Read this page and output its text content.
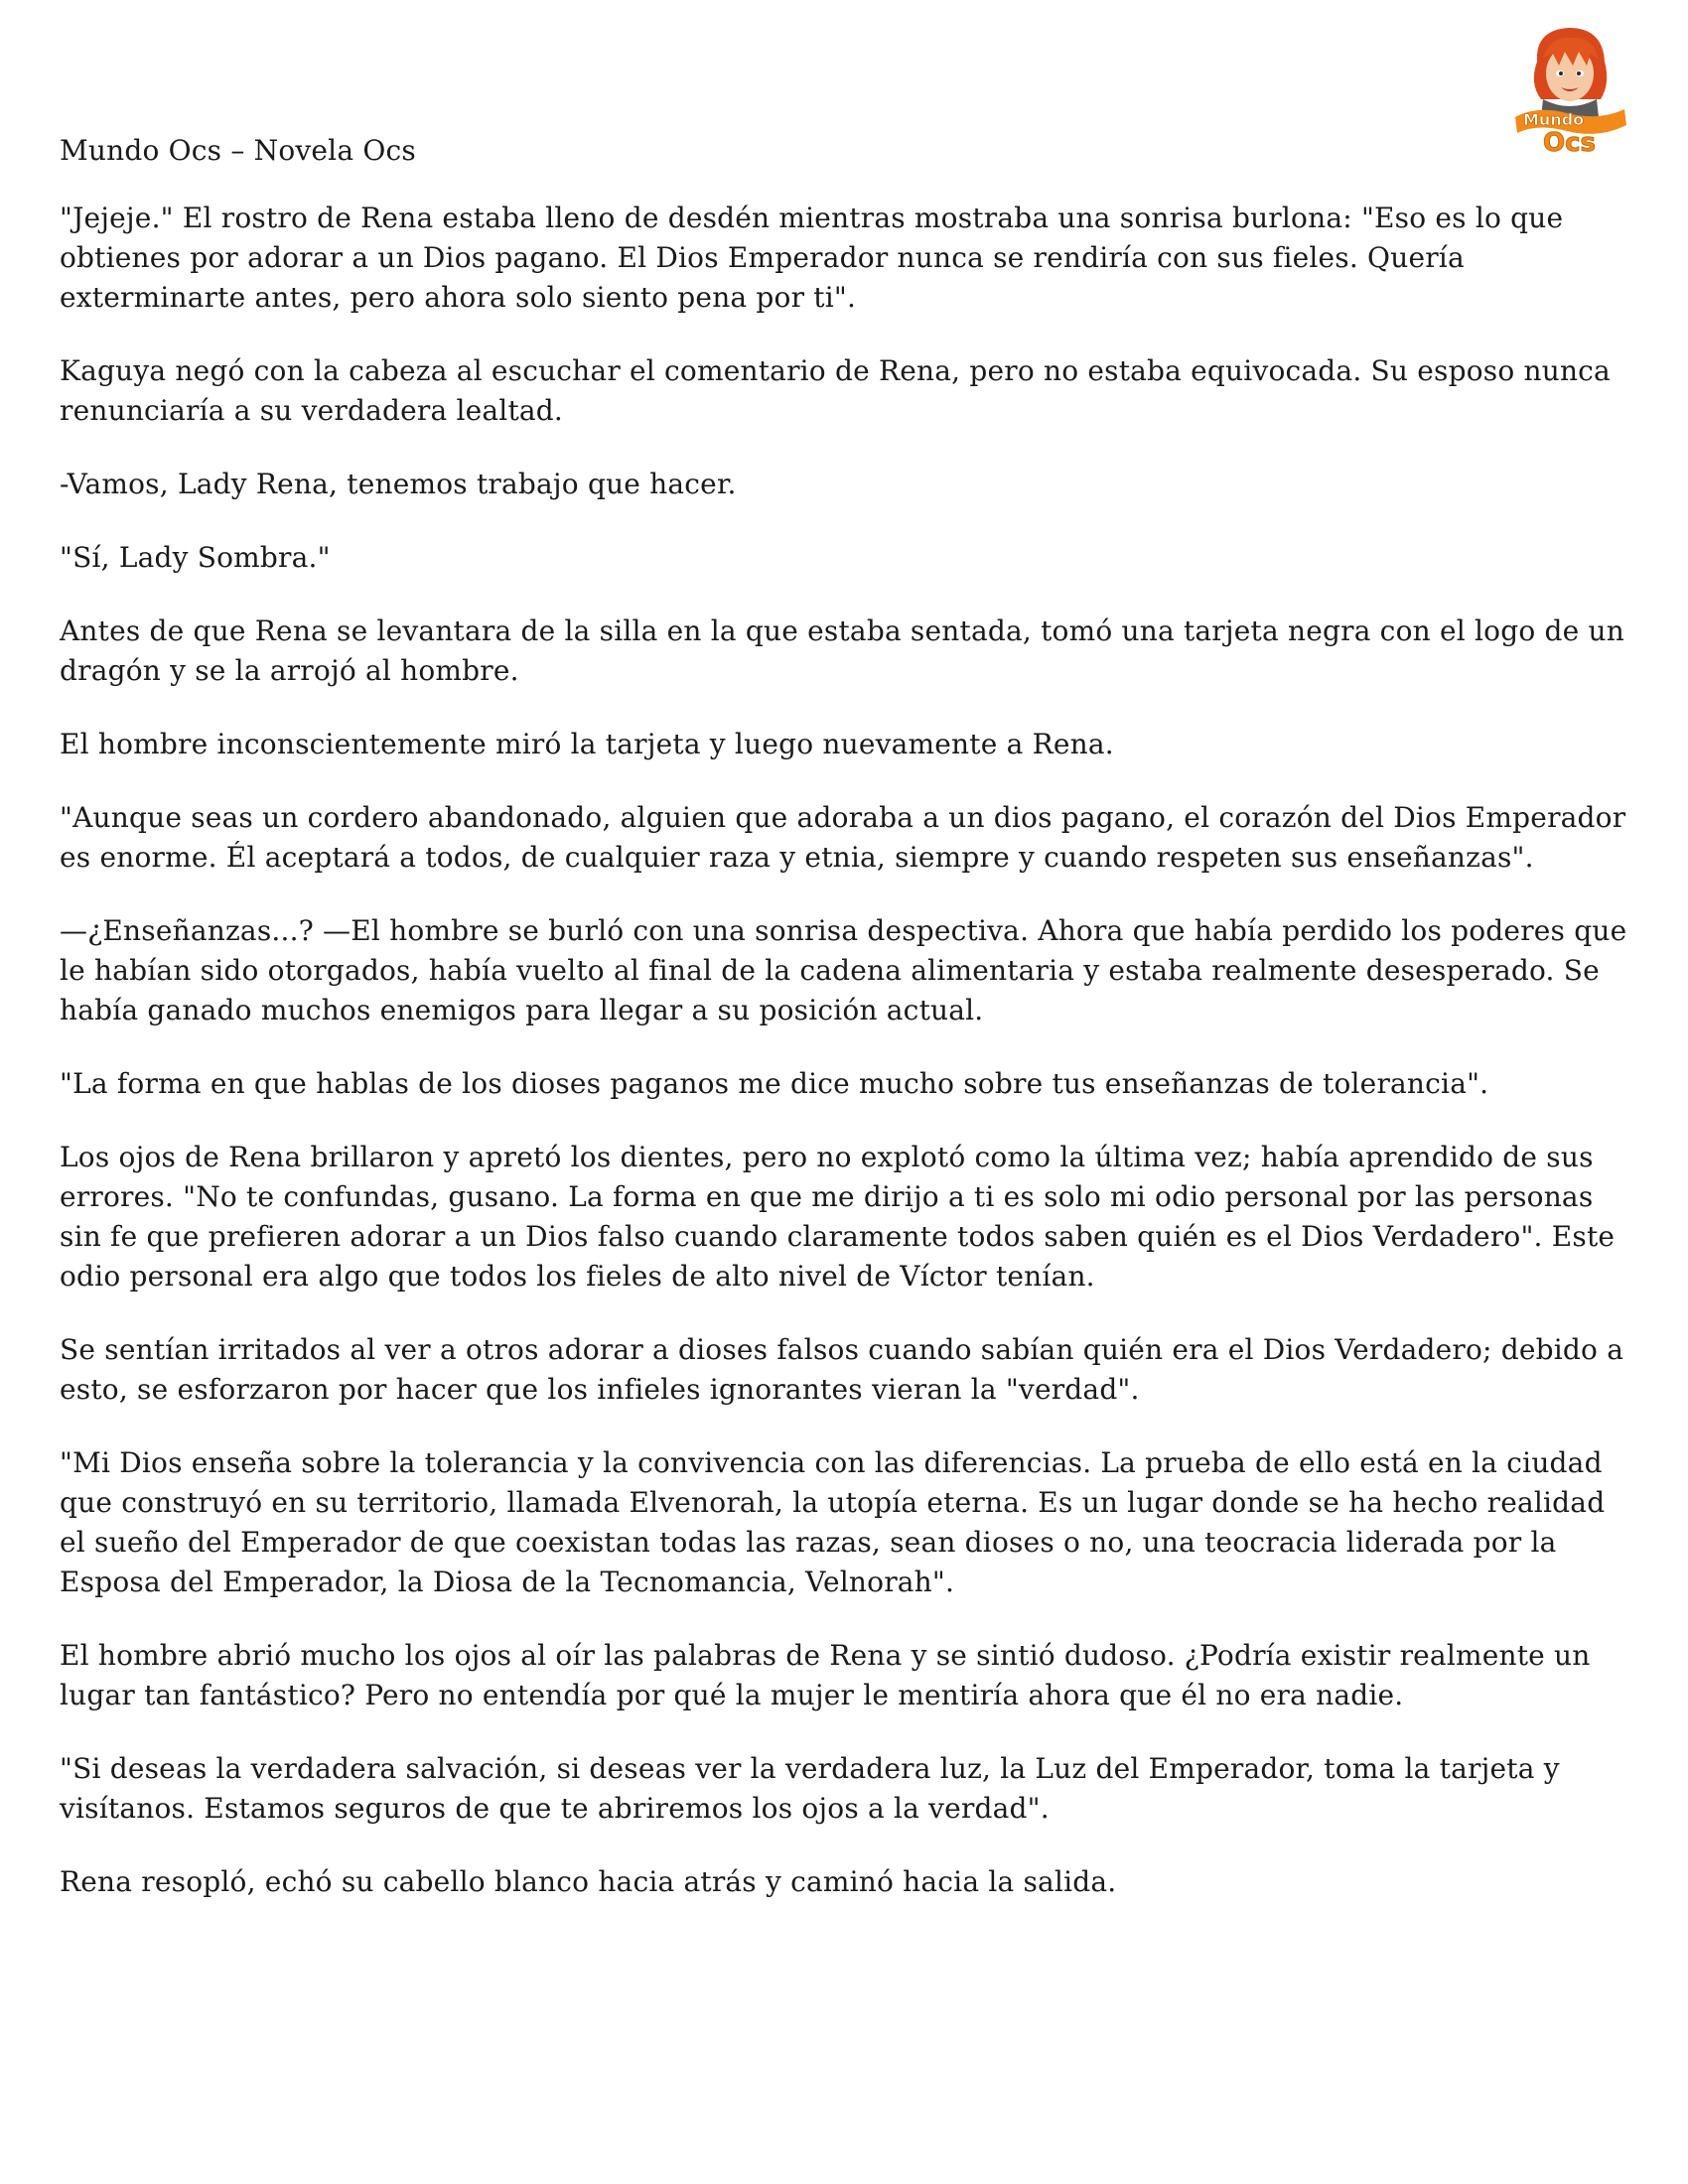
Mundo
Ocs

Mundo Ocs – Novela Ocs

"Jejeje." El rostro de Rena estaba lleno de desdén mientras mostraba una sonrisa burlona: "Eso es lo que obtienes por adorar a un Dios pagano. El Dios Emperador nunca se rendiría con sus fieles. Quería exterminarte antes, pero ahora solo siento pena por ti".

Kaguya negó con la cabeza al escuchar el comentario de Rena, pero no estaba equivocada. Su esposo nunca renunciaría a su verdadera lealtad.

-Vamos, Lady Rena, tenemos trabajo que hacer.

"Sí, Lady Sombra."

Antes de que Rena se levantara de la silla en la que estaba sentada, tomó una tarjeta negra con el logo de un dragón y se la arrojó al hombre.

El hombre inconscientemente miró la tarjeta y luego nuevamente a Rena.

"Aunque seas un cordero abandonado, alguien que adoraba a un dios pagano, el corazón del Dios Emperador es enorme. Él aceptará a todos, de cualquier raza y etnia, siempre y cuando respeten sus enseñanzas".

—¿Enseñanzas...? —El hombre se burló con una sonrisa despectiva. Ahora que había perdido los poderes que le habían sido otorgados, había vuelto al final de la cadena alimentaria y estaba realmente desesperado. Se había ganado muchos enemigos para llegar a su posición actual.

"La forma en que hablas de los dioses paganos me dice mucho sobre tus enseñanzas de tolerancia".

Los ojos de Rena brillaron y apretó los dientes, pero no explotó como la última vez; había aprendido de sus errores. "No te confundas, gusano. La forma en que me dirijo a ti es solo mi odio personal por las personas sin fe que prefieren adorar a un Dios falso cuando claramente todos saben quién es el Dios Verdadero". Este odio personal era algo que todos los fieles de alto nivel de Víctor tenían.

Se sentían irritados al ver a otros adorar a dioses falsos cuando sabían quién era el Dios Verdadero; debido a esto, se esforzaron por hacer que los infieles ignorantes vieran la "verdad".

"Mi Dios enseña sobre la tolerancia y la convivencia con las diferencias. La prueba de ello está en la ciudad que construyó en su territorio, llamada Elvenorah, la utopía eterna. Es un lugar donde se ha hecho realidad el sueño del Emperador de que coexistan todas las razas, sean dioses o no, una teocracia liderada por la Esposa del Emperador, la Diosa de la Tecnomancia, Velnorah".

El hombre abrió mucho los ojos al oír las palabras de Rena y se sintió dudoso. ¿Podría existir realmente un lugar tan fantástico? Pero no entendía por qué la mujer le mentiría ahora que él no era nadie.

"Si deseas la verdadera salvación, si deseas ver la verdadera luz, la Luz del Emperador, toma la tarjeta y visítanos. Estamos seguros de que te abriremos los ojos a la verdad".

Rena resopló, echó su cabello blanco hacia atrás y caminó hacia la salida.
